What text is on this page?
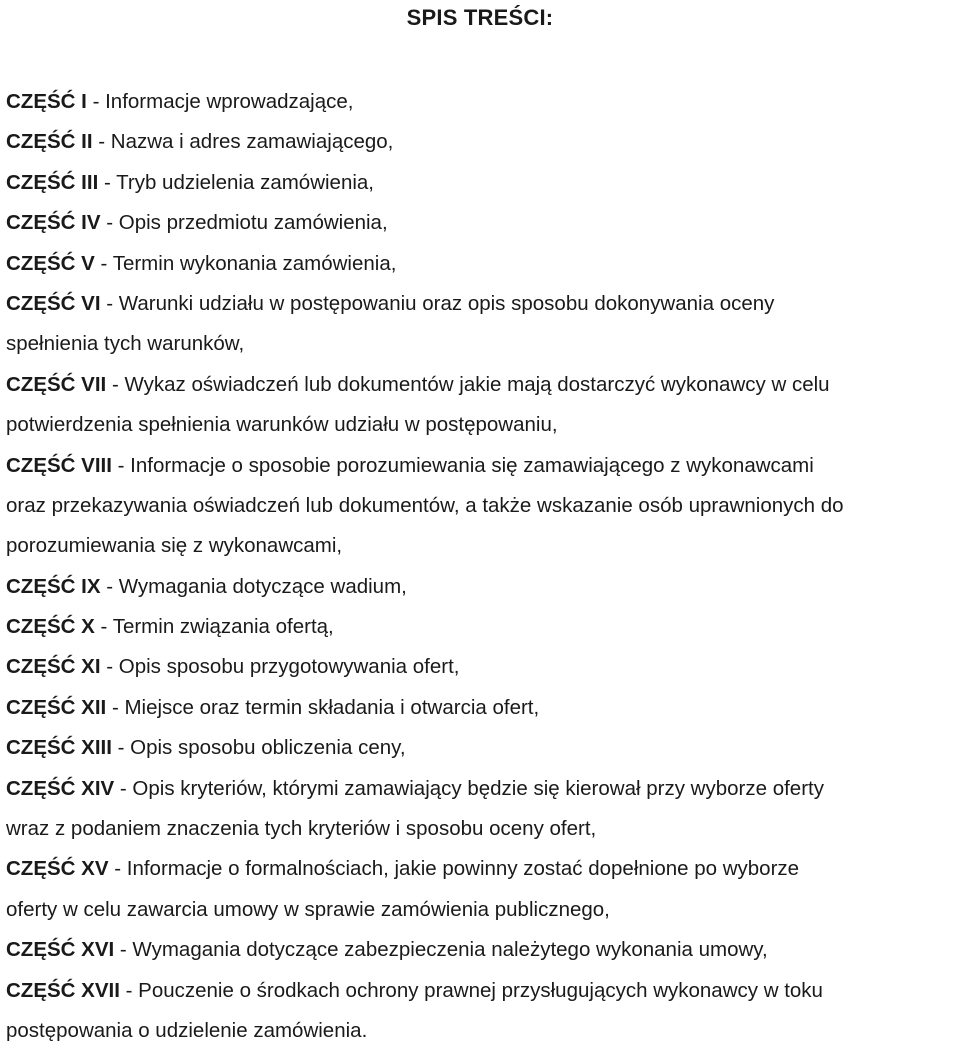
SPIS TREŚCI:
CZĘŚĆ I - Informacje wprowadzające,
CZĘŚĆ II - Nazwa i adres zamawiającego,
CZĘŚĆ III - Tryb udzielenia zamówienia,
CZĘŚĆ IV - Opis przedmiotu zamówienia,
CZĘŚĆ V - Termin wykonania zamówienia,
CZĘŚĆ VI - Warunki udziału w postępowaniu oraz opis sposobu dokonywania oceny
spełnienia tych warunków,
CZĘŚĆ VII - Wykaz oświadczeń lub dokumentów jakie mają dostarczyć wykonawcy w celu
potwierdzenia spełnienia warunków udziału w postępowaniu,
CZĘŚĆ VIII - Informacje o sposobie porozumiewania się zamawiającego z wykonawcami
oraz przekazywania oświadczeń lub dokumentów, a także wskazanie osób uprawnionych do
porozumiewania się z wykonawcami,
CZĘŚĆ IX - Wymagania dotyczące wadium,
CZĘŚĆ X - Termin związania ofertą,
CZĘŚĆ XI - Opis sposobu przygotowywania ofert,
CZĘŚĆ XII - Miejsce oraz termin składania i otwarcia ofert,
CZĘŚĆ XIII - Opis sposobu obliczenia ceny,
CZĘŚĆ XIV - Opis kryteriów, którymi zamawiający będzie się kierował przy wyborze oferty
wraz z podaniem znaczenia tych kryteriów i sposobu oceny ofert,
CZĘŚĆ XV - Informacje o formalnościach, jakie powinny zostać dopełnione po wyborze
oferty w celu zawarcia umowy w sprawie zamówienia publicznego,
CZĘŚĆ XVI - Wymagania dotyczące zabezpieczenia należytego wykonania umowy,
CZĘŚĆ XVII - Pouczenie o środkach ochrony prawnej przysługujących wykonawcy w toku
postępowania o udzielenie zamówienia.
